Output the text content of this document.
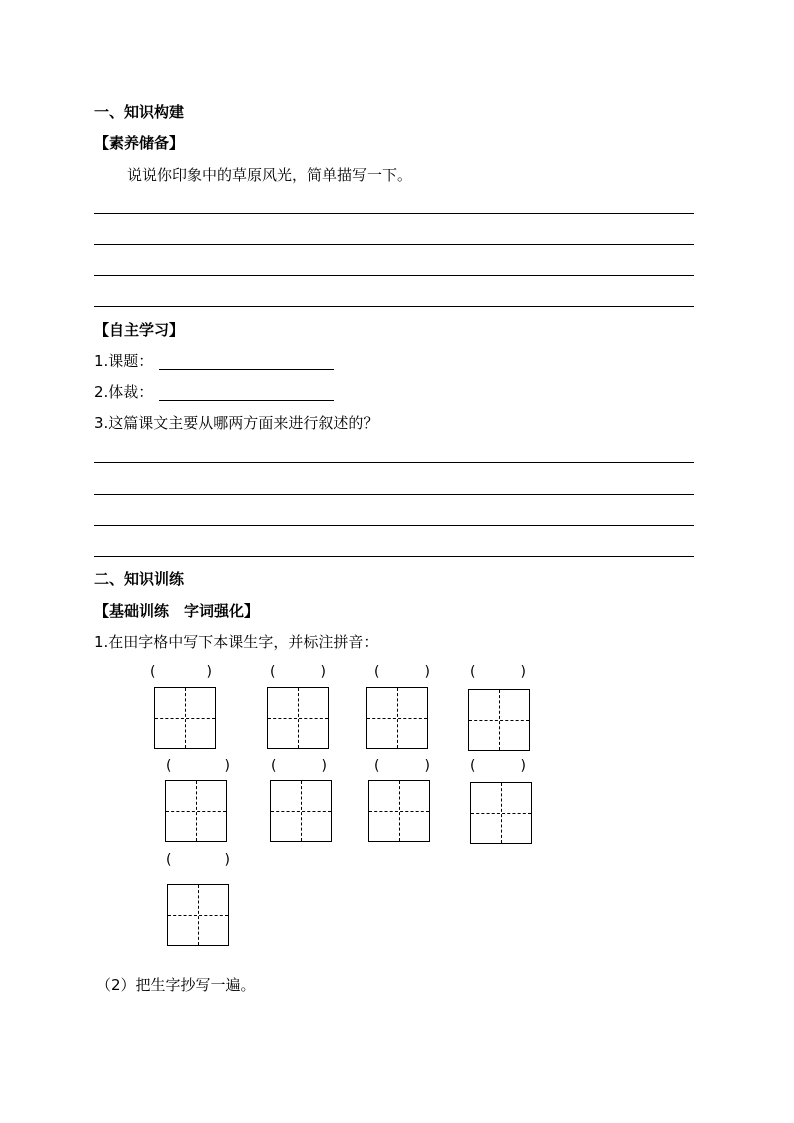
一、知识构建
【素养储备】
说说你印象中的草原风光，简单描写一下。
【自主学习】
1.课题：
2.体裁：
3.这篇课文主要从哪两方面来进行叙述的？
二、知识训练
【基础训练　字词强化】
1.在田字格中写下本课生字，并标注拼音：
(	)	(	)	(	)	(	)
(	)	(	)	(	)	(	)
(	)
（2）把生字抄写一遍。
